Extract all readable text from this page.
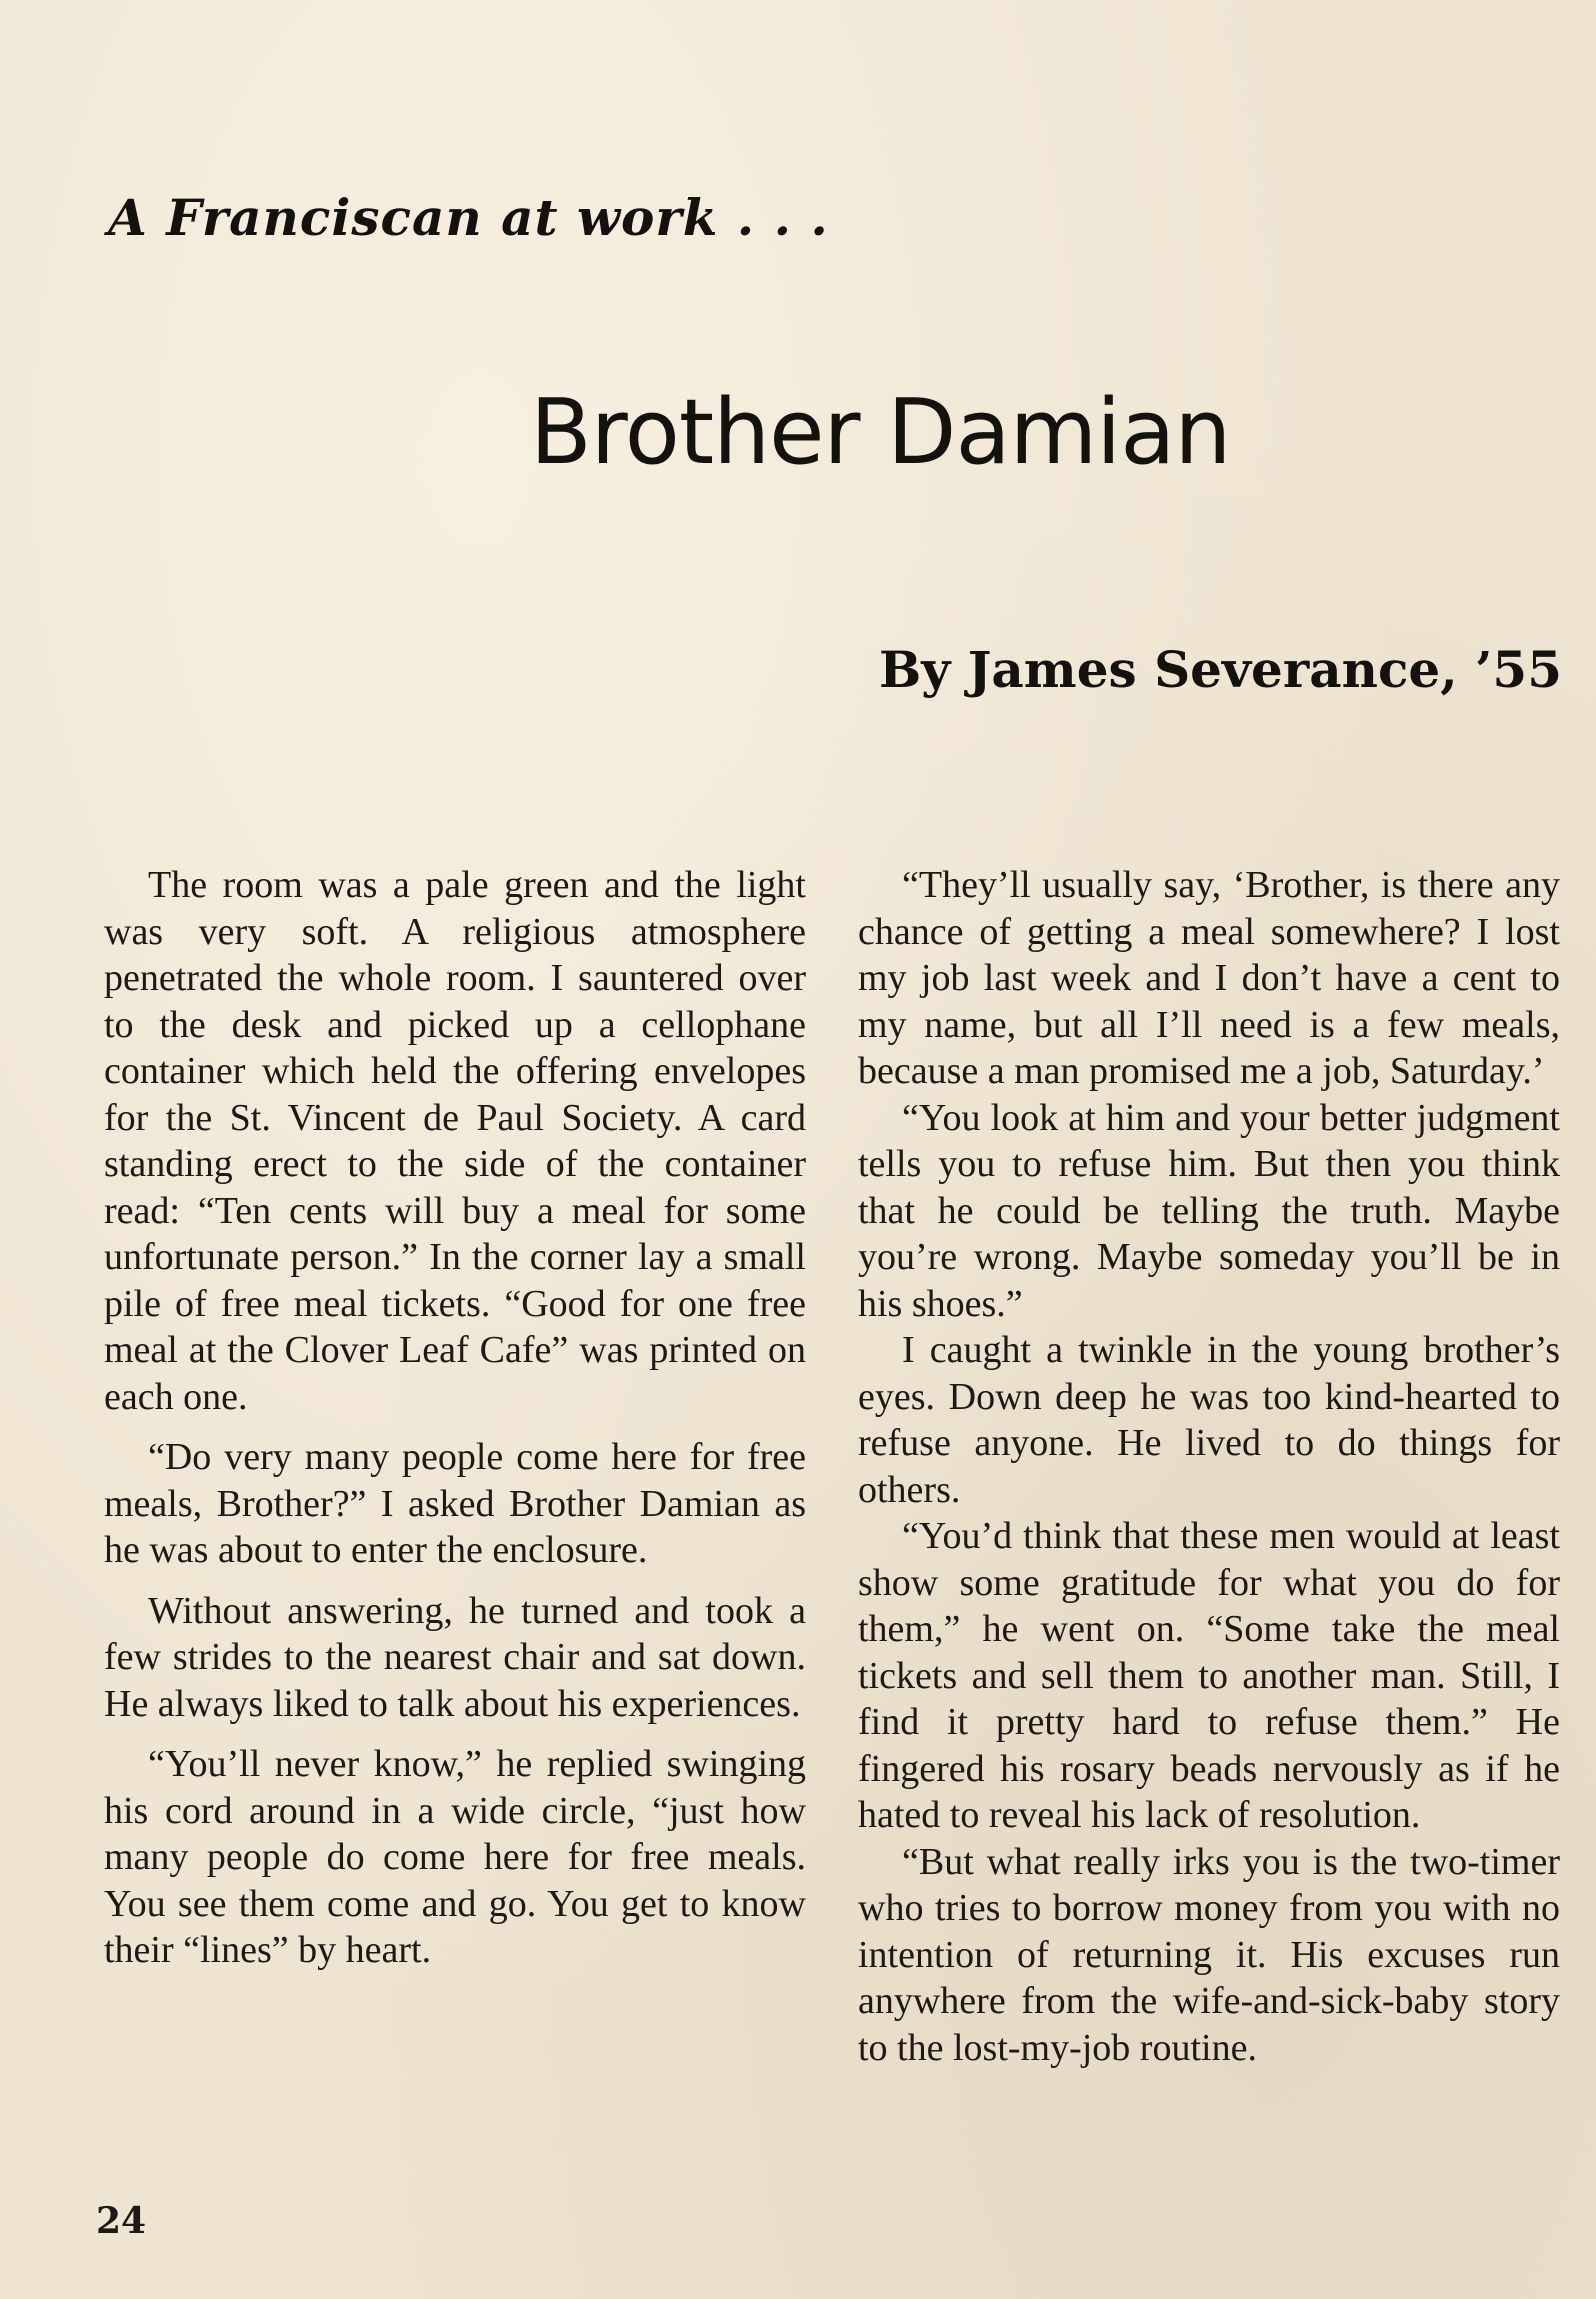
A Franciscan at work . . .
Brother Damian
By James Severance, ’55

The room was a pale green and the light was very soft. A religious atmosphere penetrated the whole room. I sauntered over to the desk and picked up a cellophane container which held the offering envelopes for the St. Vincent de Paul Society. A card standing erect to the side of the container read: “Ten cents will buy a meal for some unfortunate person.” In the corner lay a small pile of free meal tickets. “Good for one free meal at the Clover Leaf Cafe” was printed on each one.

“Do very many people come here for free meals, Brother?” I asked Brother Damian as he was about to enter the enclosure.

Without answering, he turned and took a few strides to the nearest chair and sat down. He always liked to talk about his experiences.

“You’ll never know,” he replied swinging his cord around in a wide circle, “just how many people do come here for free meals. You see them come and go. You get to know their “lines” by heart.

“They’ll usually say, ‘Brother, is there any chance of getting a meal somewhere? I lost my job last week and I don’t have a cent to my name, but all I’ll need is a few meals, because a man promised me a job, Saturday.’

“You look at him and your better judgment tells you to refuse him. But then you think that he could be telling the truth. Maybe you’re wrong. Maybe someday you’ll be in his shoes.”

I caught a twinkle in the young brother’s eyes. Down deep he was too kind-hearted to refuse anyone. He lived to do things for others.

“You’d think that these men would at least show some gratitude for what you do for them,” he went on. “Some take the meal tickets and sell them to another man. Still, I find it pretty hard to refuse them.” He fingered his rosary beads nervously as if he hated to reveal his lack of resolution.

“But what really irks you is the two-timer who tries to borrow money from you with no intention of returning it. His excuses run anywhere from the wife-and-sick-baby story to the lost-my-job routine.

24
